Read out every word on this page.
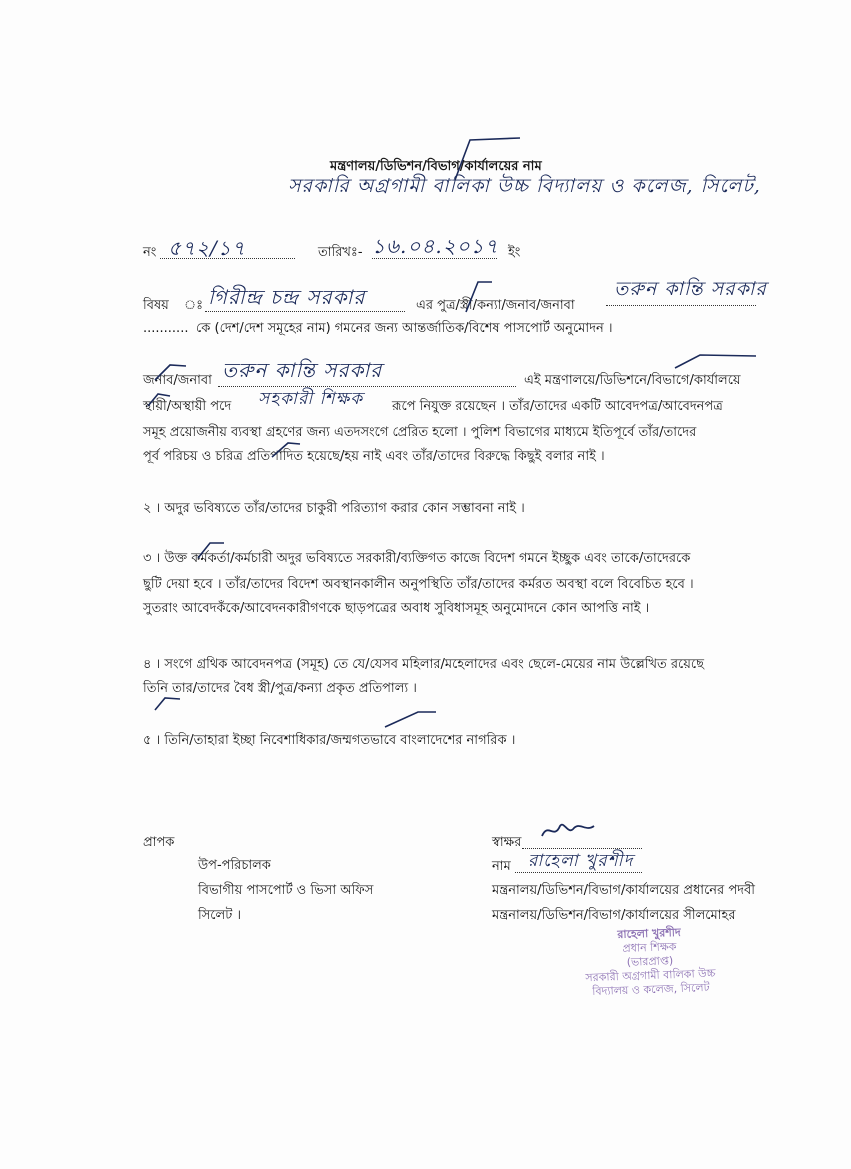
মন্ত্রণালয়/ডিভিশন/বিভাগ/কার্যালয়ের নাম
সরকারি অগ্রগামী বালিকা উচ্চ বিদ্যালয় ও কলেজ, সিলেট,
নং ৫৭২/১৭	তারিখঃ- ১৬.০৪.২০১৭ ইং
বিষয় ঃ গিরীন্দ্র চন্দ্র সরকার	এর পুত্র/স্ত্রী/কন্যা/জনাব/জনাবা
তরুন কান্তি সরকার
........... কে (দেশ/দেশ সমূহের নাম) গমনের জন্য আন্তর্জাতিক/বিশেষ পাসপোর্ট অনুমোদন ।
জনাব/জনাবা তরুন কান্তি সরকার	এই মন্ত্রণালয়ে/ডিভিশনে/বিভাগে/কার্যালয়ে
স্থায়ী/অস্থায়ী পদে সহকারী শিক্ষক রূপে নিযুক্ত রয়েছেন । তাঁর/তাদের একটি আবেদপত্র/আবেদনপত্র
সমূহ প্রয়োজনীয় ব্যবস্থা গ্রহণের জন্য এতদসংগে প্রেরিত হলো । পুলিশ বিভাগের মাধ্যমে ইতিপূর্বে তাঁর/তাদের
পূর্ব পরিচয় ও চরিত্র প্রতিপাদিত হয়েছে/হয় নাই এবং তাঁর/তাদের বিরুদ্ধে কিছুই বলার নাই ।
২ । অদুর ভবিষ্যতে তাঁর/তাদের চাকুরী পরিত্যাগ করার কোন সম্ভাবনা নাই ।
৩ । উক্ত কর্মকর্তা/কর্মচারী অদুর ভবিষ্যতে সরকারী/ব্যক্তিগত কাজে বিদেশ গমনে ইচ্ছুক এবং তাকে/তাদেরকে
ছুটি দেয়া হবে । তাঁর/তাদের বিদেশ অবস্থানকালীন অনুপস্থিতি তাঁর/তাদের কর্মরত অবস্থা বলে বিবেচিত হবে ।
সুতরাং আবেদকঁকে/আবেদনকারীগণকে ছাড়পত্রের অবাধ সুবিধাসমূহ অনুমোদনে কোন আপত্তি নাই ।
৪ । সংগে গ্রথিক আবেদনপত্র (সমূহ) তে যে/যেসব মহিলার/মহেলাদের এবং ছেলে-মেয়ের নাম উল্লেখিত রয়েছে
তিনি তার/তাদের বৈধ স্ত্রী/পুত্র/কন্যা প্রকৃত প্রতিপাল্য ।
৫ । তিনি/তাহারা ইচ্ছা নিবেশাধিকার/জম্মগতভাবে বাংলাদেশের নাগরিক ।
প্রাপক
উপ-পরিচালক
বিভাগীয় পাসপোর্ট ও ভিসা অফিস
সিলেট ।
স্বাক্ষর
নাম রাহেলা খুরশীদ
মন্ত্রনালয়/ডিভিশন/বিভাগ/কার্যালয়ের প্রধানের পদবী
মন্ত্রনালয়/ডিভিশন/বিভাগ/কার্যালয়ের সীলমোহর
রাহেলা খুরশীদ
প্রধান শিক্ষক
(ভারপ্রাপ্ত)
সরকারী অগ্রগামী বালিকা উচ্চ
বিদ্যালয় ও কলেজ, সিলেট
